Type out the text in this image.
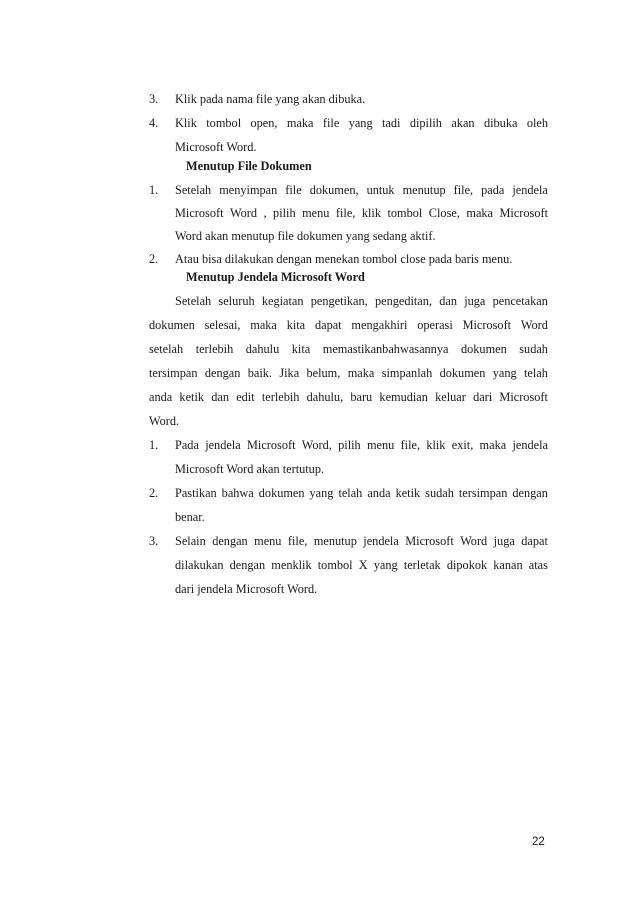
3. Klik pada nama file yang akan dibuka.
4. Klik tombol open, maka file yang tadi dipilih akan dibuka oleh
Microsoft Word.
Menutup File Dokumen
1. Setelah menyimpan file dokumen, untuk menutup file, pada jendela
Microsoft Word , pilih menu file, klik tombol Close, maka Microsoft
Word akan menutup file dokumen yang sedang aktif.
2. Atau bisa dilakukan dengan menekan tombol close pada baris menu.
Menutup Jendela Microsoft Word
Setelah seluruh kegiatan pengetikan, pengeditan, dan juga pencetakan
dokumen selesai, maka kita dapat mengakhiri operasi Microsoft Word
setelah terlebih dahulu kita memastikanbahwasannya dokumen sudah
tersimpan dengan baik. Jika belum, maka simpanlah dokumen yang telah
anda ketik dan edit terlebih dahulu, baru kemudian keluar dari Microsoft
Word.
1. Pada jendela Microsoft Word, pilih menu file, klik exit, maka jendela
Microsoft Word akan tertutup.
2. Pastikan bahwa dokumen yang telah anda ketik sudah tersimpan dengan
benar.
3. Selain dengan menu file, menutup jendela Microsoft Word juga dapat
dilakukan dengan menklik tombol X yang terletak dipokok kanan atas
dari jendela Microsoft Word.
22
